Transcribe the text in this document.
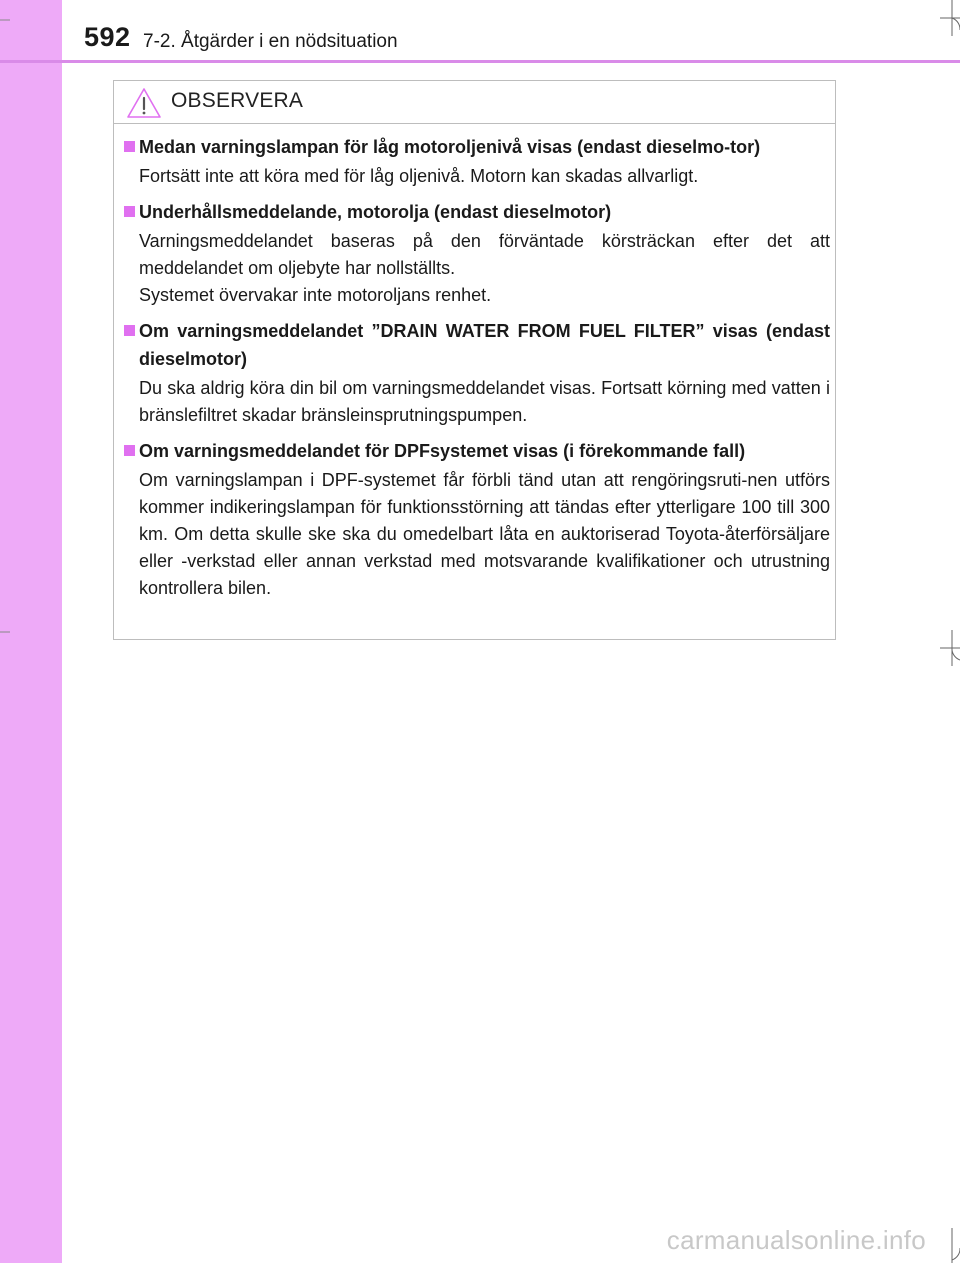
592 7-2. Åtgärder i en nödsituation
OBSERVERA
Medan varningslampan för låg motoroljenivå visas (endast dieselmo-tor)

Fortsätt inte att köra med för låg oljenivå. Motorn kan skadas allvarligt.

Underhållsmeddelande, motorolja (endast dieselmotor)

Varningsmeddelandet baseras på den förväntade körsträckan efter det att meddelandet om oljebyte har nollställts.

Systemet övervakar inte motoroljans renhet.

Om varningsmeddelandet ”DRAIN WATER FROM FUEL FILTER” visas (endast dieselmotor)

Du ska aldrig köra din bil om varningsmeddelandet visas. Fortsatt körning med vatten i bränslefiltret skadar bränsleinsprutningspumpen.

Om varningsmeddelandet för DPFsystemet visas (i förekommande fall)

Om varningslampan i DPF-systemet får förbli tänd utan att rengöringsruti-nen utförs kommer indikeringslampan för funktionsstörning att tändas efter ytterligare 100 till 300 km. Om detta skulle ske ska du omedelbart låta en auktoriserad Toyota-återförsäljare eller -verkstad eller annan verkstad med motsvarande kvalifikationer och utrustning kontrollera bilen.

carmanualsonline.info
